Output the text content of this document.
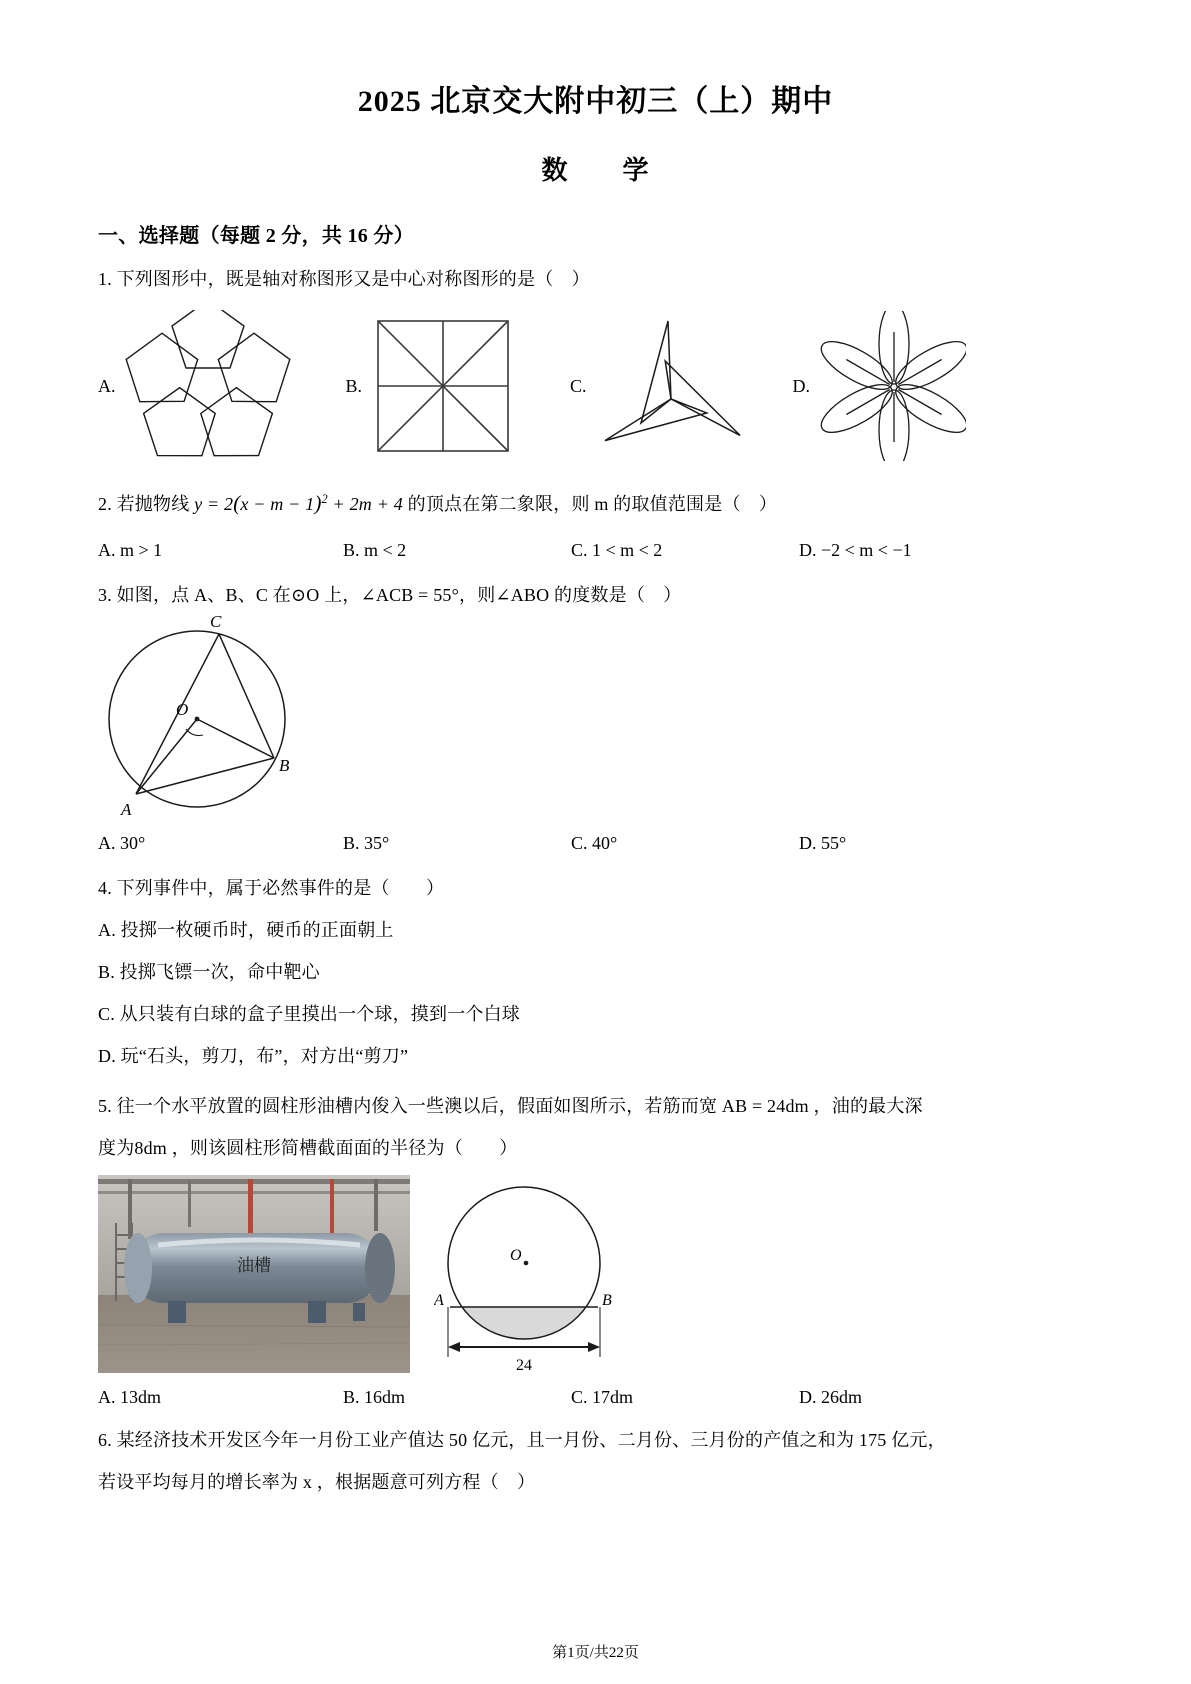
2025 北京交大附中初三（上）期中
数　　学
一、选择题（每题 2 分，共 16 分）
1. 下列图形中，既是轴对称图形又是中心对称图形的是（　）
A.	B.	C.	D.
2. 若抛物线 $y = 2(x - m - 1)^2 + 2m + 4$ 的顶点在第二象限，则 m 的取值范围是（　）
A. m > 1	B. m < 2	C. 1 < m < 2	D. −2 < m < −1
3. 如图，点 A、B、C 在⊙O 上，∠ACB = 55°，则∠ABO 的度数是（　）
C
O
B
A
A. 30°	B. 35°	C. 40°	D. 55°
4. 下列事件中，属于必然事件的是（　　）
A. 投掷一枚硬币时，硬币的正面朝上
B. 投掷飞镖一次，命中靶心
C. 从只装有白球的盒子里摸出一个球，摸到一个白球
D. 玩“石头，剪刀，布”，对方出“剪刀”
5. 往一个水平放置的圆柱形油槽内俊入一些澳以后，假面如图所示，若筋而宽 AB = 24dm ，油的最大深
度为8dm ，则该圆柱形简槽截面面的半径为（　　）
油槽
O
A	B
24
A. 13dm	B. 16dm	C. 17dm	D. 26dm
6. 某经济技术开发区今年一月份工业产值达 50 亿元，且一月份、二月份、三月份的产值之和为 175 亿元，
若设平均每月的增长率为 x ，根据题意可列方程（　）
第1页/共22页
